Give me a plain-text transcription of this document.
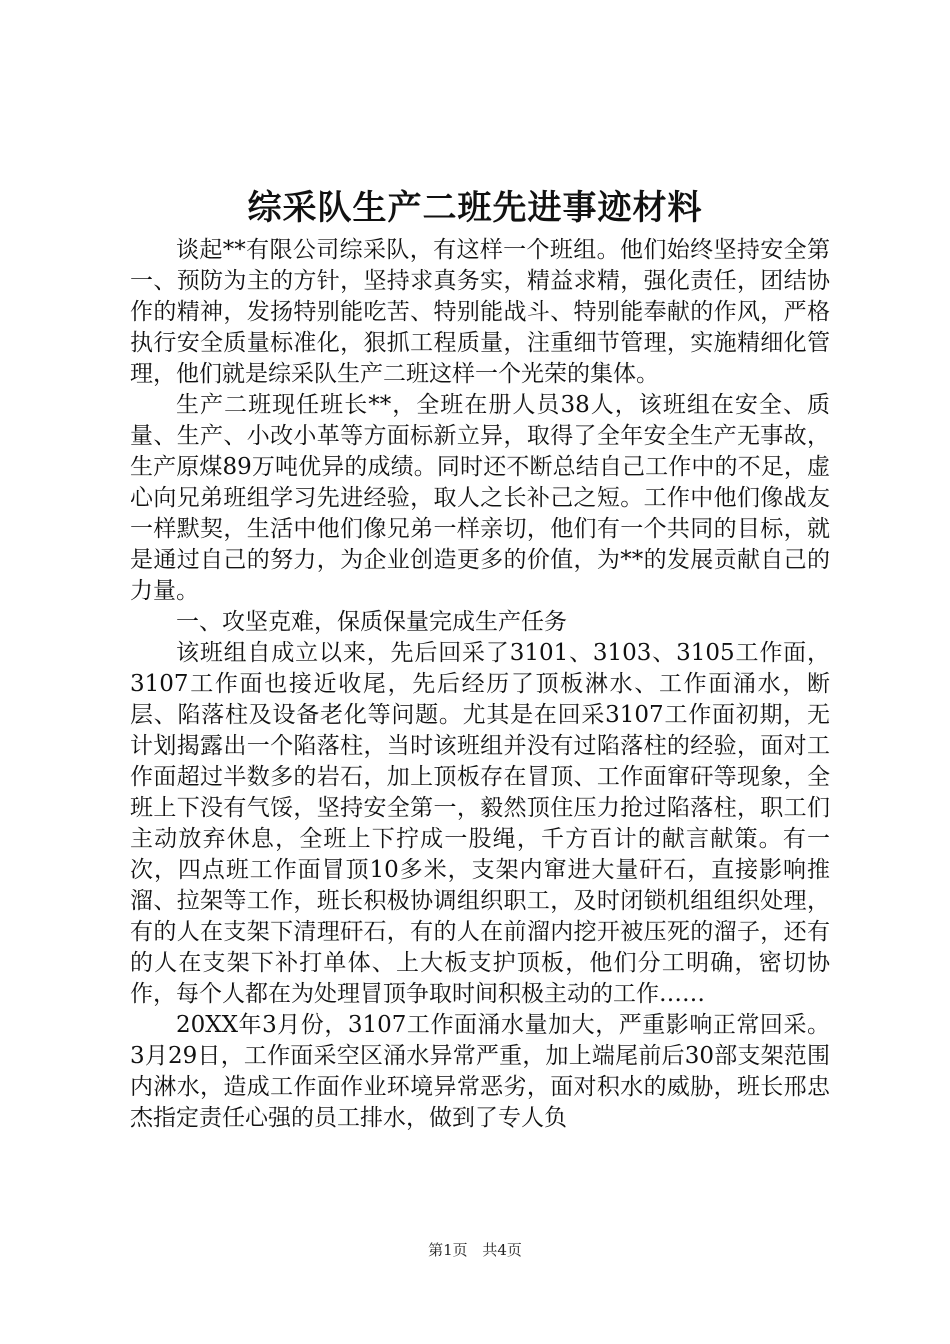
综采队生产二班先进事迹材料

谈起**有限公司综采队，有这样一个班组。他们始终坚持安全第一、预防为主的方针，坚持求真务实，精益求精，强化责任，团结协作的精神，发扬特别能吃苦、特别能战斗、特别能奉献的作风，严格执行安全质量标准化，狠抓工程质量，注重细节管理，实施精细化管理，他们就是综采队生产二班这样一个光荣的集体。

生产二班现任班长**，全班在册人员38人，该班组在安全、质量、生产、小改小革等方面标新立异，取得了全年安全生产无事故，生产原煤89万吨优异的成绩。同时还不断总结自己工作中的不足，虚心向兄弟班组学习先进经验，取人之长补己之短。工作中他们像战友一样默契，生活中他们像兄弟一样亲切，他们有一个共同的目标，就是通过自己的努力，为企业创造更多的价值，为**的发展贡献自己的力量。

一、攻坚克难，保质保量完成生产任务

该班组自成立以来，先后回采了3101、3103、3105工作面，3107工作面也接近收尾，先后经历了顶板淋水、工作面涌水，断层、陷落柱及设备老化等问题。尤其是在回采3107工作面初期，无计划揭露出一个陷落柱，当时该班组并没有过陷落柱的经验，面对工作面超过半数多的岩石，加上顶板存在冒顶、工作面窜矸等现象，全班上下没有气馁，坚持安全第一，毅然顶住压力抢过陷落柱，职工们主动放弃休息，全班上下拧成一股绳，千方百计的献言献策。有一次，四点班工作面冒顶10多米，支架内窜进大量矸石，直接影响推溜、拉架等工作，班长积极协调组织职工，及时闭锁机组组织处理，有的人在支架下清理矸石，有的人在前溜内挖开被压死的溜子，还有的人在支架下补打单体、上大板支护顶板，他们分工明确，密切协作，每个人都在为处理冒顶争取时间积极主动的工作……

20XX年3月份，3107工作面涌水量加大，严重影响正常回采。3月29日，工作面采空区涌水异常严重，加上端尾前后30部支架范围内淋水，造成工作面作业环境异常恶劣，面对积水的威胁，班长邢忠杰指定责任心强的员工排水，做到了专人负

第1页 共4页
